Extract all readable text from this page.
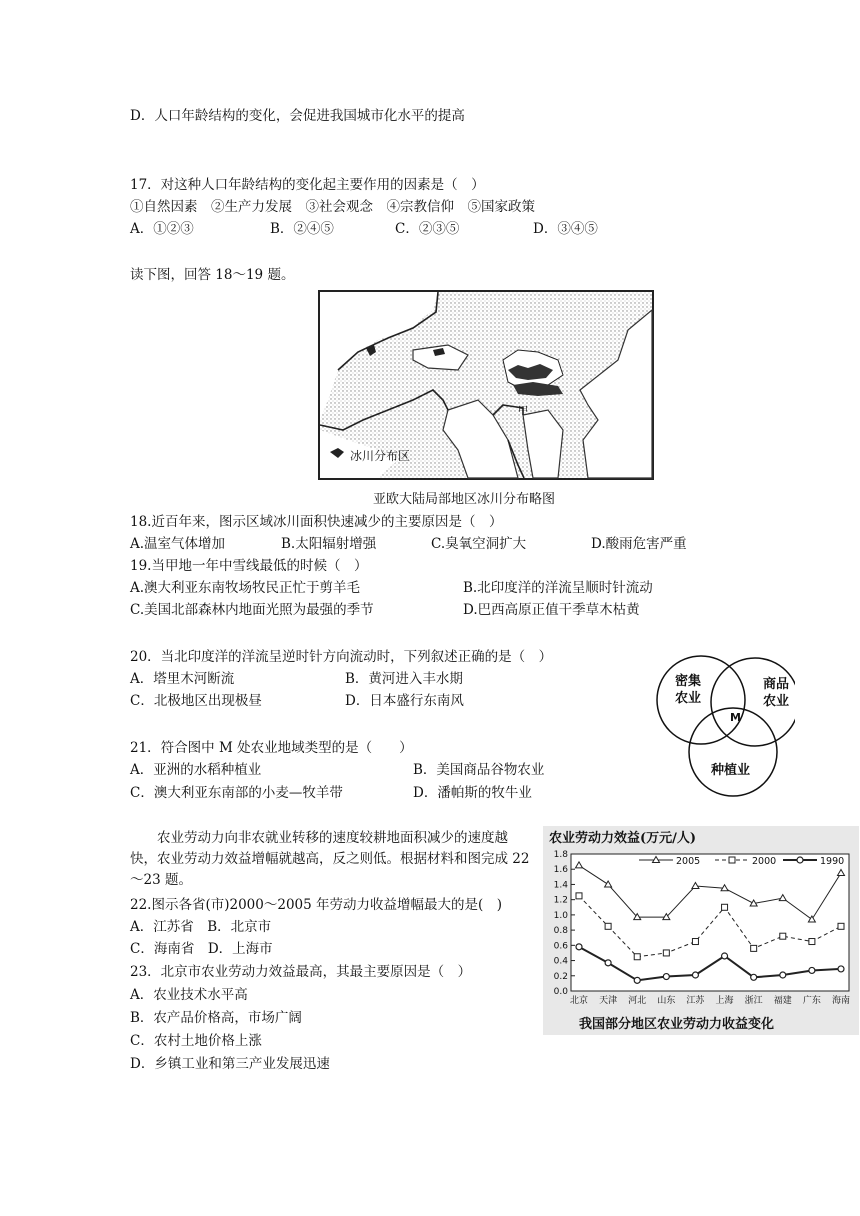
D．人口年龄结构的变化，会促进我国城市化水平的提高
17．对这种人口年龄结构的变化起主要作用的因素是（　）
①自然因素　②生产力发展　③社会观念　④宗教信仰　⑤国家政策
A．①②③	B．②④⑤	C．②③⑤	D．③④⑤
读下图，回答 18～19 题。
冰川分布区
甲
亚欧大陆局部地区冰川分布略图
18.近百年来，图示区域冰川面积快速减少的主要原因是（　）
A.温室气体增加	B.太阳辐射增强	C.臭氧空洞扩大	D.酸雨危害严重
19.当甲地一年中雪线最低的时候（　）
A.澳大利亚东南牧场牧民正忙于剪羊毛	B.北印度洋的洋流呈顺时针流动
C.美国北部森林内地面光照为最强的季节	D.巴西高原正值干季草木枯黄
20．当北印度洋的洋流呈逆时针方向流动时，下列叙述正确的是（　）
A．塔里木河断流	B．黄河进入丰水期
C．北极地区出现极昼	D．日本盛行东南风
密集
农业
商品
农业
种植业
M
21．符合图中 M 处农业地域类型的是（　　）
A．亚洲的水稻种植业	B．美国商品谷物农业
C．澳大利亚东南部的小麦—牧羊带	D．潘帕斯的牧牛业
农业劳动力向非农就业转移的速度较耕地面积减少的速度越快，农业劳动力效益增幅就越高，反之则低。根据材料和图完成 22～23 题。
22.图示各省(市)2000～2005 年劳动力收益增幅最大的是(　)
A．江苏省　B．北京市
C．海南省　D．上海市
23．北京市农业劳动力效益最高，其最主要原因是（　）
A．农业技术水平高
B．农产品价格高，市场广阔
C．农村土地价格上涨
D．乡镇工业和第三产业发展迅速
农业劳动力效益(万元/人)
我国部分地区农业劳动力收益变化
0.0
0.2
0.4
0.6
0.8
1.0
1.2
1.4
1.6
1.8
北京 天津 河北 山东 江苏 上海 浙江 福建 广东 海南
2005	2000	1990
